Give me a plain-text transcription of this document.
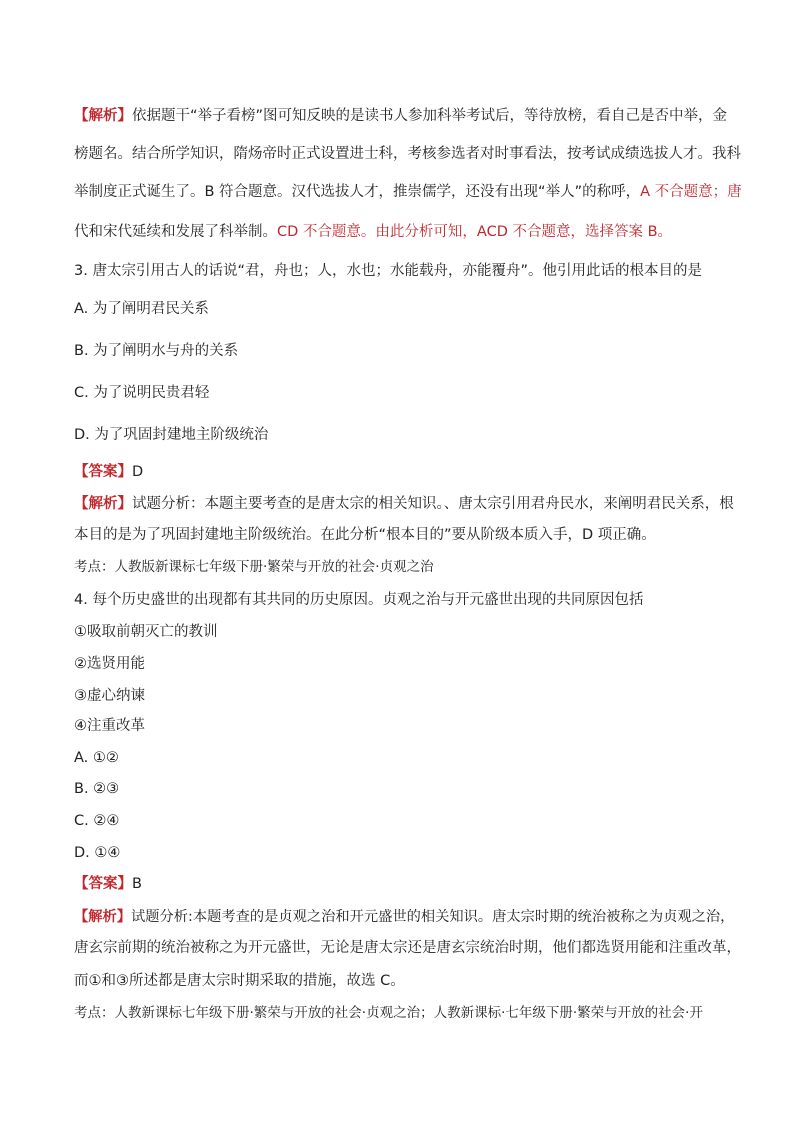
【解析】依据题干“举子看榜”图可知反映的是读书人参加科举考试后，等待放榜，看自己是否中举，金
榜题名。结合所学知识，隋炀帝时正式设置进士科，考核参选者对时事看法，按考试成绩选拔人才。我科
举制度正式诞生了。B 符合题意。汉代选拔人才，推崇儒学，还没有出现“举人”的称呼，A 不合题意；唐
代和宋代延续和发展了科举制。CD 不合题意。由此分析可知，ACD 不合题意，选择答案 B。
3. 唐太宗引用古人的话说“君，舟也；人，水也；水能载舟，亦能覆舟”。他引用此话的根本目的是
A. 为了阐明君民关系
B. 为了阐明水与舟的关系
C. 为了说明民贵君轻
D. 为了巩固封建地主阶级统治
【答案】D
【解析】试题分析：本题主要考查的是唐太宗的相关知识。、唐太宗引用君舟民水，来阐明君民关系，根
本目的是为了巩固封建地主阶级统治。在此分析“根本目的”要从阶级本质入手，D 项正确。
考点：人教版新课标七年级下册·繁荣与开放的社会·贞观之治
4. 每个历史盛世的出现都有其共同的历史原因。贞观之治与开元盛世出现的共同原因包括
①吸取前朝灭亡的教训
②选贤用能
③虚心纳谏
④注重改革
A. ①②
B. ②③
C. ②④
D. ①④
【答案】B
【解析】试题分析:本题考查的是贞观之治和开元盛世的相关知识。唐太宗时期的统治被称之为贞观之治，
唐玄宗前期的统治被称之为开元盛世，无论是唐太宗还是唐玄宗统治时期，他们都选贤用能和注重改革，
而①和③所述都是唐太宗时期采取的措施，故选 C。
考点：人教新课标七年级下册·繁荣与开放的社会·贞观之治；人教新课标·七年级下册·繁荣与开放的社会·开
